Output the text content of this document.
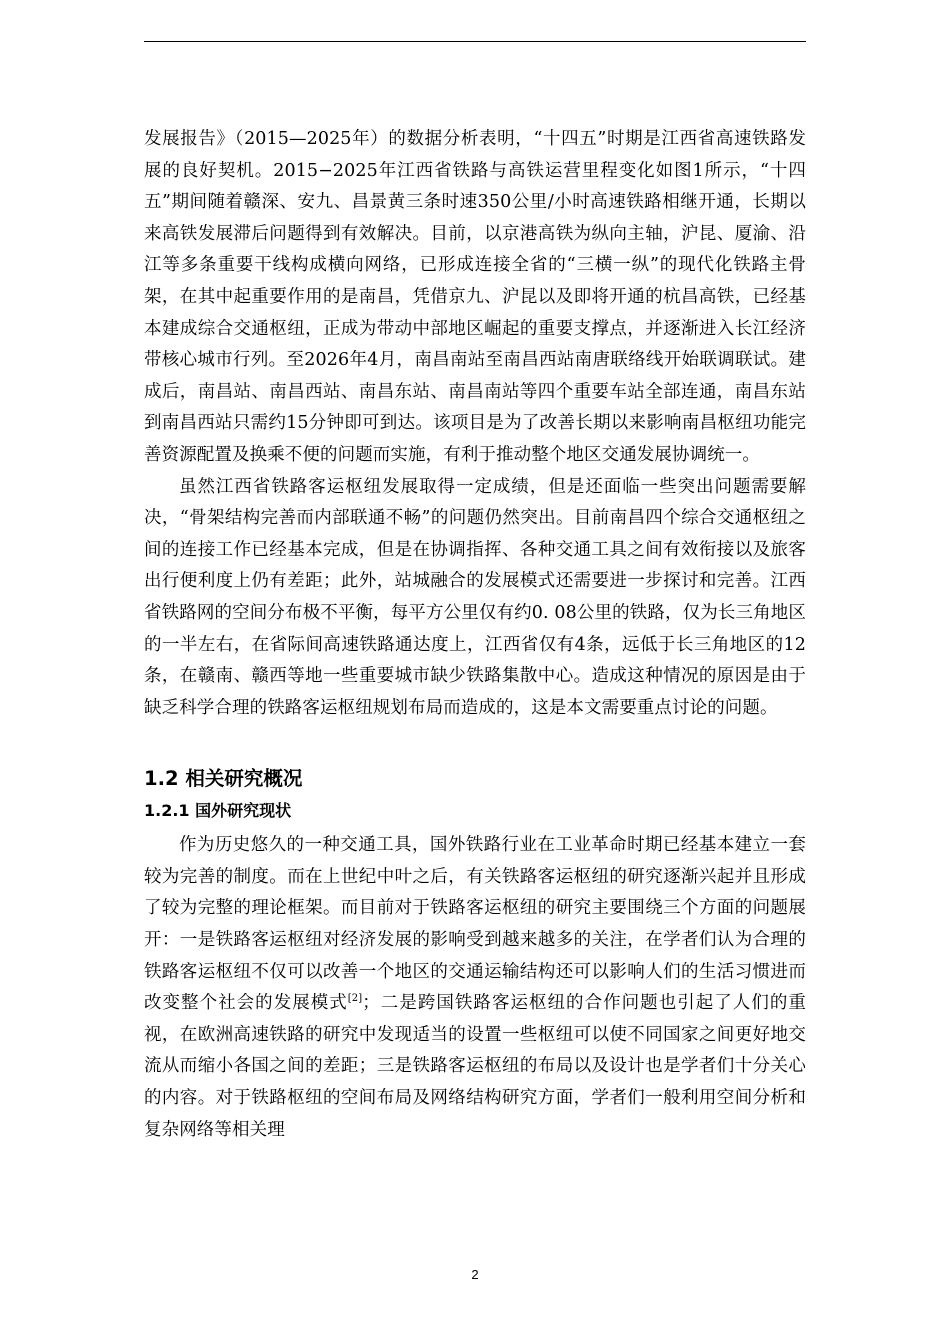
发展报告》（2015—2025年）的数据分析表明，“十四五”时期是江西省高速铁路发展的良好契机。2015−2025年江西省铁路与高铁运营里程变化如图1所示，“十四五”期间随着赣深、安九、昌景黄三条时速350公里/小时高速铁路相继开通，长期以来高铁发展滞后问题得到有效解决。目前，以京港高铁为纵向主轴，沪昆、厦渝、沿江等多条重要干线构成横向网络，已形成连接全省的“三横一纵”的现代化铁路主骨架，在其中起重要作用的是南昌，凭借京九、沪昆以及即将开通的杭昌高铁，已经基本建成综合交通枢纽，正成为带动中部地区崛起的重要支撑点，并逐渐进入长江经济带核心城市行列。至2026年4月，南昌南站至南昌西站南唐联络线开始联调联试。建成后，南昌站、南昌西站、南昌东站、南昌南站等四个重要车站全部连通，南昌东站到南昌西站只需约15分钟即可到达。该项目是为了改善长期以来影响南昌枢纽功能完善资源配置及换乘不便的问题而实施，有利于推动整个地区交通发展协调统一。

虽然江西省铁路客运枢纽发展取得一定成绩，但是还面临一些突出问题需要解决，“骨架结构完善而内部联通不畅”的问题仍然突出。目前南昌四个综合交通枢纽之间的连接工作已经基本完成，但是在协调指挥、各种交通工具之间有效衔接以及旅客出行便利度上仍有差距；此外，站城融合的发展模式还需要进一步探讨和完善。江西省铁路网的空间分布极不平衡，每平方公里仅有约0. 08公里的铁路，仅为长三角地区的一半左右，在省际间高速铁路通达度上，江西省仅有4条，远低于长三角地区的12条，在赣南、赣西等地一些重要城市缺少铁路集散中心。造成这种情况的原因是由于缺乏科学合理的铁路客运枢纽规划布局而造成的，这是本文需要重点讨论的问题。

1.2 相关研究概况
1.2.1 国外研究现状

作为历史悠久的一种交通工具，国外铁路行业在工业革命时期已经基本建立一套较为完善的制度。而在上世纪中叶之后，有关铁路客运枢纽的研究逐渐兴起并且形成了较为完整的理论框架。而目前对于铁路客运枢纽的研究主要围绕三个方面的问题展开：一是铁路客运枢纽对经济发展的影响受到越来越多的关注，在学者们认为合理的铁路客运枢纽不仅可以改善一个地区的交通运输结构还可以影响人们的生活习惯进而改变整个社会的发展模式[2]；二是跨国铁路客运枢纽的合作问题也引起了人们的重视，在欧洲高速铁路的研究中发现适当的设置一些枢纽可以使不同国家之间更好地交流从而缩小各国之间的差距；三是铁路客运枢纽的布局以及设计也是学者们十分关心的内容。对于铁路枢纽的空间布局及网络结构研究方面，学者们一般利用空间分析和复杂网络等相关理

2
